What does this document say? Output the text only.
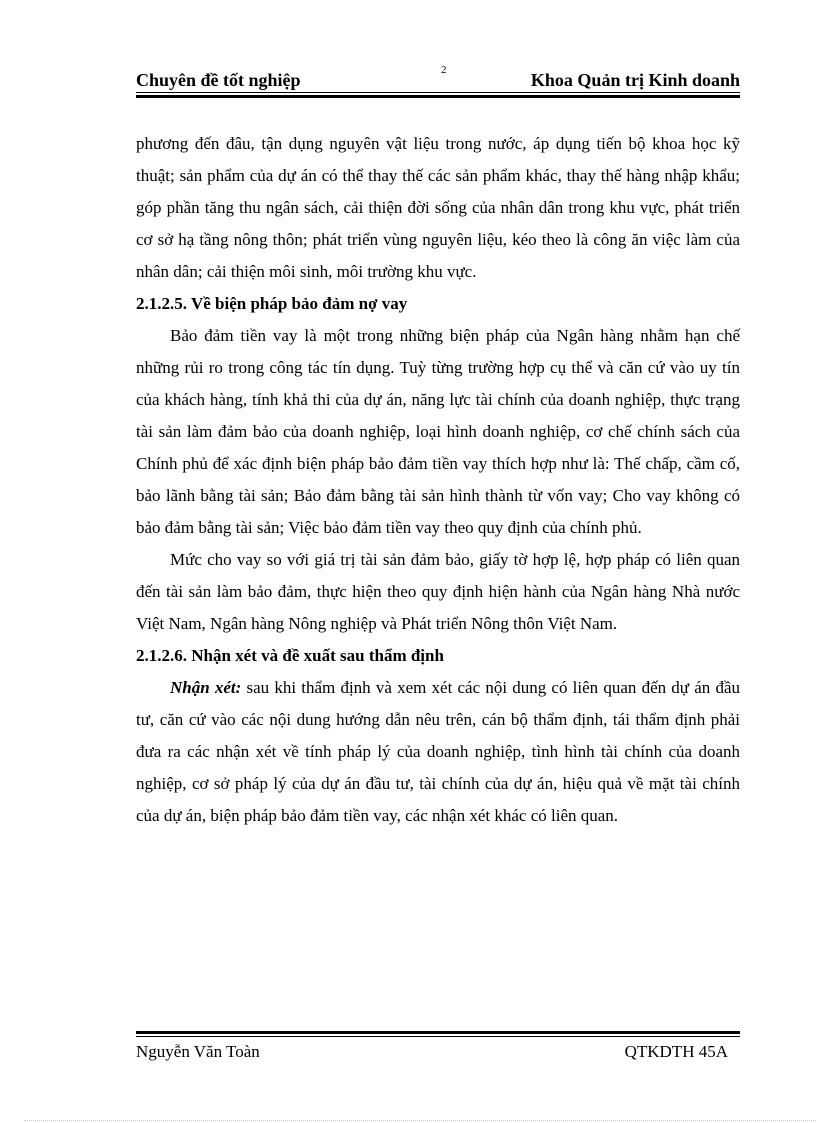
Chuyên đề tốt nghiệp	2	Khoa Quản trị Kinh doanh

phương đến đâu, tận dụng nguyên vật liệu trong nước, áp dụng tiến bộ khoa học kỹ thuật; sản phẩm của dự án có thể thay thế các sản phẩm khác, thay thế hàng nhập khẩu; góp phần tăng thu ngân sách, cải thiện đời sống của nhân dân trong khu vực, phát triển cơ sở hạ tầng nông thôn; phát triển vùng nguyên liệu, kéo theo là công ăn việc làm của nhân dân; cải thiện môi sinh, môi trường khu vực.

2.1.2.5. Về biện pháp bảo đảm nợ vay

Bảo đảm tiền vay là một trong những biện pháp của Ngân hàng nhằm hạn chế những rủi ro trong công tác tín dụng. Tuỳ từng trường hợp cụ thể và căn cứ vào uy tín của khách hàng, tính khả thi của dự án, năng lực tài chính của doanh nghiệp, thực trạng tài sản làm đảm bảo của doanh nghiệp, loại hình doanh nghiệp, cơ chế chính sách của Chính phủ để xác định biện pháp bảo đảm tiền vay thích hợp như là: Thế chấp, cầm cố, bảo lãnh bằng tài sản; Bảo đảm bằng tài sản hình thành từ vốn vay; Cho vay không có bảo đảm bằng tài sản; Việc bảo đảm tiền vay theo quy định của chính phủ.

Mức cho vay so với giá trị tài sản đảm bảo, giấy tờ hợp lệ, hợp pháp có liên quan đến tài sản làm bảo đảm, thực hiện theo quy định hiện hành của Ngân hàng Nhà nước Việt Nam, Ngân hàng Nông nghiệp và Phát triển Nông thôn Việt Nam.

2.1.2.6. Nhận xét và đề xuất sau thẩm định

Nhận xét: sau khi thẩm định và xem xét các nội dung có liên quan đến dự án đầu tư, căn cứ vào các nội dung hướng dẫn nêu trên, cán bộ thẩm định, tái thẩm định phải đưa ra các nhận xét về tính pháp lý của doanh nghiệp, tình hình tài chính của doanh nghiệp, cơ sở pháp lý của dự án đầu tư, tài chính của dự án, hiệu quả về mặt tài chính của dự án, biện pháp bảo đảm tiền vay, các nhận xét khác có liên quan.

Nguyễn Văn Toàn	QTKDTH 45A
